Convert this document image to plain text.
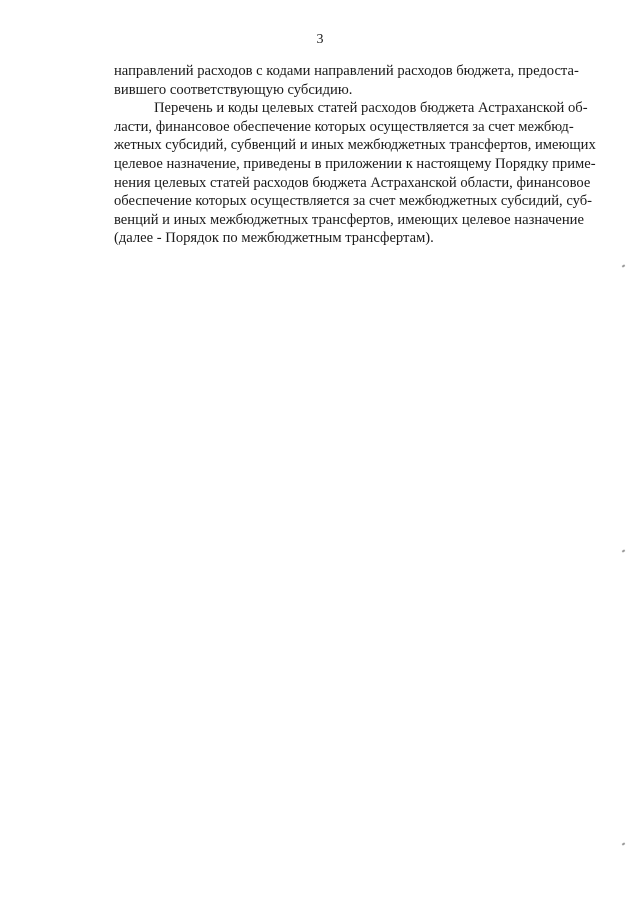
3
направлений расходов с кодами направлений расходов бюджета, предоста-
вившего соответствующую субсидию.
Перечень и коды целевых статей расходов бюджета Астраханской об-
ласти, финансовое обеспечение которых осуществляется за счет межбюд-
жетных субсидий, субвенций и иных межбюджетных трансфертов, имеющих
целевое назначение, приведены в приложении к настоящему Порядку приме-
нения целевых статей расходов бюджета Астраханской области, финансовое
обеспечение которых осуществляется за счет межбюджетных субсидий, суб-
венций и иных межбюджетных трансфертов, имеющих целевое назначение
(далее - Порядок по межбюджетным трансфертам).
